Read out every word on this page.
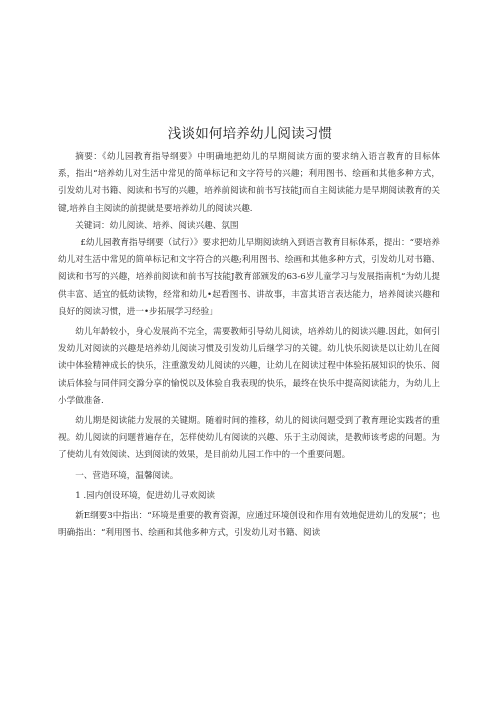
浅谈如何培养幼儿阅读习惯

摘要：《幼儿园教育指导纲要》中明确地把幼儿的早期阅读方面的要求纳入语言教育的目标体系，指出“培养幼儿对生活中常见的简单标记和文字符号的兴趣；利用图书、绘画和其他多种方式，引发幼儿对书籍、阅读和书写的兴趣，培养前阅读和前书写技能J而自主阅读能力是早期阅读教育的关键,培养自主阅读的前提就是要培养幼儿的阅读兴趣.

关键词：幼儿阅读、培养、阅读兴趣、氛围

£幼儿园教育指导纲要（试行）》要求把幼儿早期阅读纳入到语言教育目标体系，提出：“要培养幼儿对生活中常见的简单标记和文字符合的兴趣;利用图书、绘画和其他多种方式，引发幼儿对书籍、阅读和书写的兴趣，培养前阅读和前书写技能J教育部颁发的63-6岁儿童学习与发展指南机“为幼儿提供丰富、适宜的低幼读物，经常和幼儿•起看图书、讲故事，丰富其语言表达能力，培养阅读兴趣和良好的阅读习惯，进一•步拓展学习经验」

幼儿年龄较小，身心发展尚不完全，需要教师引导幼儿阅读，培养幼儿的阅读兴趣.因此，如何引发幼儿对阅读的兴趣是培养幼儿阅读习惯及引发幼儿后继学习的关键。幼儿快乐阅读是以让幼儿在阅读中体验精神成长的快乐，注重激发幼儿阅读的兴趣，让幼儿在阅读过程中体验拓展知识的快乐、阅读后体验与同伴同交滁分享的愉悦以及体验自我表现的快乐，最终在快乐中提高阅读能力，为幼儿上小学做准备.

幼儿期是阅读能力发展的关键期。随着时间的推移，幼儿的阅读问题受到了教育理论实践者的重视。幼儿阅读的问题普遍存在，怎样使幼儿有阅读的兴趣、乐于主动阅读，是教师该考虑的问题。为了使幼儿有效阅读、达到阅读的效果，是目前幼儿园工作中的一个重要问题。

一、营造环境，温馨阅读。

1 .园内创设环境，促进幼儿寻欢阅读

新E纲要3中指出：“环境是重要的教育资源，应通过环境创设和作用有效地促进幼儿的发展”；也明确指出：“利用图书、绘画和其他多种方式，引发幼儿对书籍、阅读
